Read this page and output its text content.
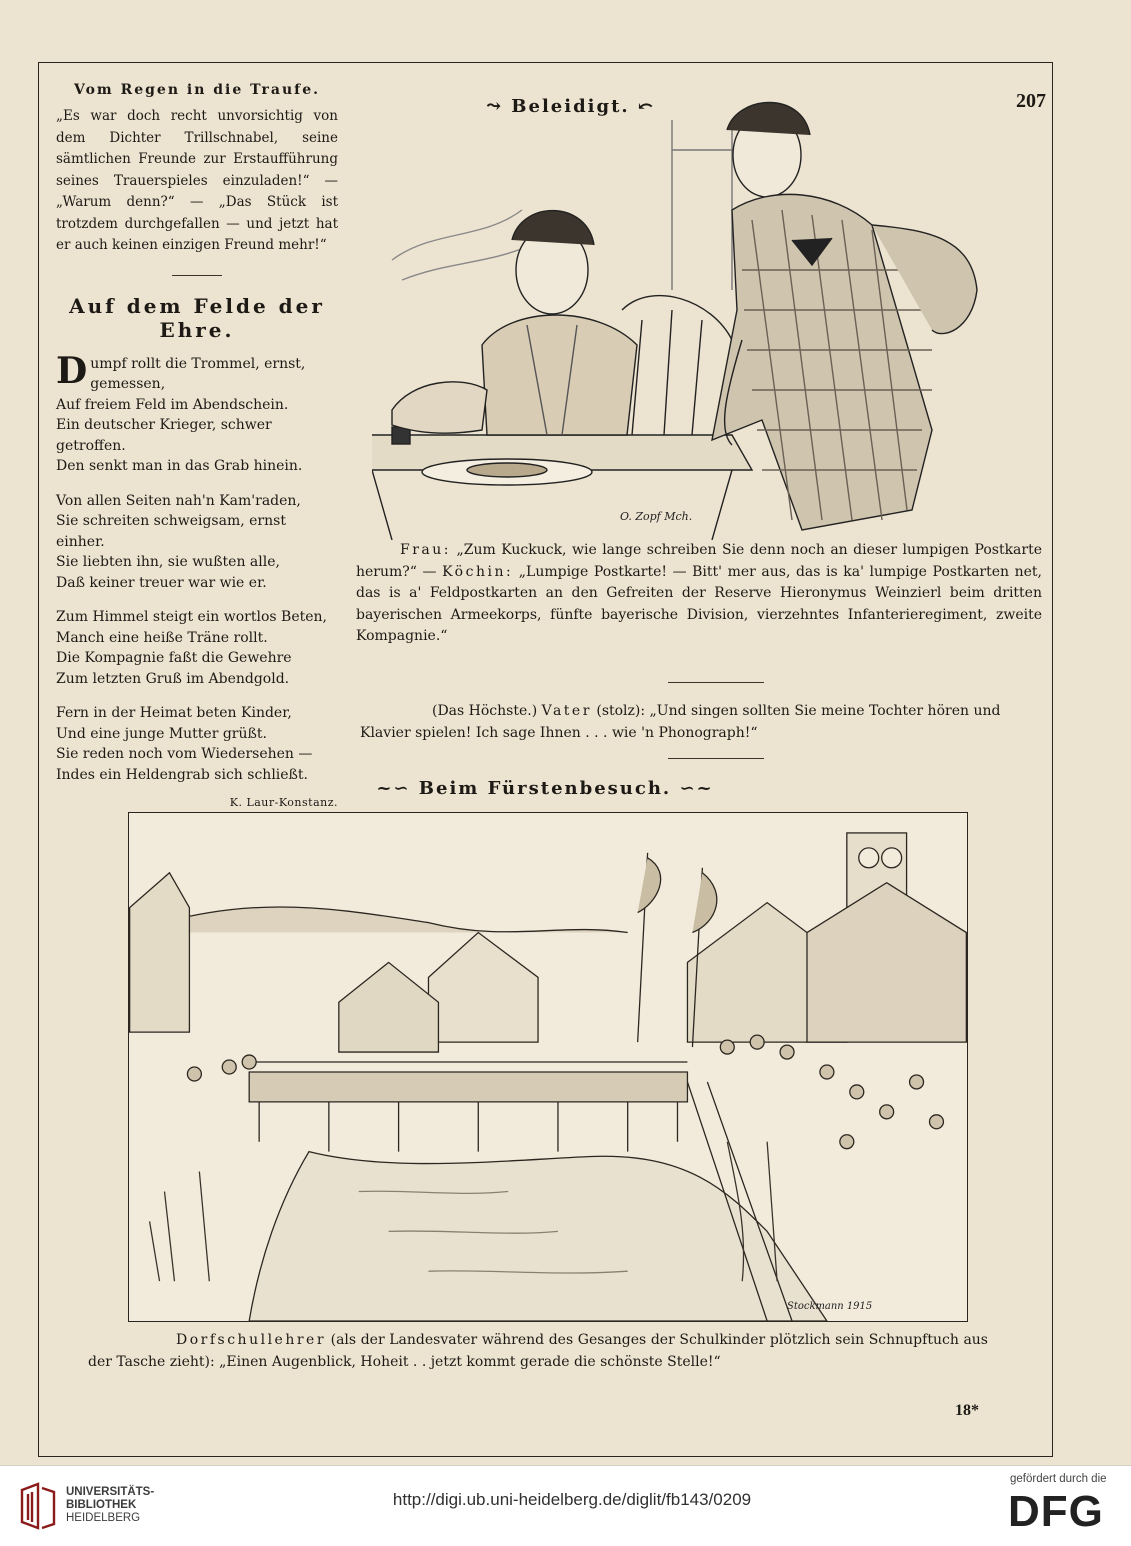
207
Vom Regen in die Traufe.
„Es war doch recht unvorsichtig von dem Dichter Trillschnabel, seine sämtlichen Freunde zur Erstaufführung seines Trauerspieles einzuladen!“ — „Warum denn?“ — „Das Stück ist trotzdem durchgefallen — und jetzt hat er auch keinen einzigen Freund mehr!“
Auf dem Felde der Ehre.
D umpf rollt die Trommel, ernst, gemessen,
Auf freiem Feld im Abendschein.
Ein deutscher Krieger, schwer getroffen.
Den senkt man in das Grab hinein.
Von allen Seiten nah'n Kam'raden,
Sie schreiten schweigsam, ernst einher.
Sie liebten ihn, sie wußten alle,
Daß keiner treuer war wie er.
Zum Himmel steigt ein wortlos Beten,
Manch eine heiße Träne rollt.
Die Kompagnie faßt die Gewehre
Zum letzten Gruß im Abendgold.
Fern in der Heimat beten Kinder,
Und eine junge Mutter grüßt.
Sie reden noch vom Wiedersehen —
Indes ein Heldengrab sich schließt.
K. Laur-Konstanz.
⤳ Beleidigt. ⤺
O. Zopf Mch.
Frau: „Zum Kuckuck, wie lange schreiben Sie denn noch an dieser lumpigen Postkarte herum?“ — Köchin: „Lumpige Postkarte! — Bitt' mer aus, das is ka' lumpige Postkarten net, das is a' Feldpostkarten an den Gefreiten der Reserve Hieronymus Weinzierl beim dritten bayerischen Armeekorps, fünfte bayerische Division, vierzehntes Infanterieregiment, zweite Kompagnie.“

(Das Höchste.) Vater (stolz): „Und singen sollten Sie meine Tochter hören und Klavier spielen! Ich sage Ihnen . . . wie 'n Phonograph!“

~∽ Beim Fürstenbesuch. ∽~
Stockmann 1915
Dorfschullehrer (als der Landesvater während des Gesanges der Schulkinder plötzlich sein Schnupftuch aus der Tasche zieht): „Einen Augenblick, Hoheit . . jetzt kommt gerade die schönste Stelle!“
18*
UNIVERSITÄTS-
BIBLIOTHEK
HEIDELBERG
http://digi.ub.uni-heidelberg.de/diglit/fb143/0209
gefördert durch die
DFG
